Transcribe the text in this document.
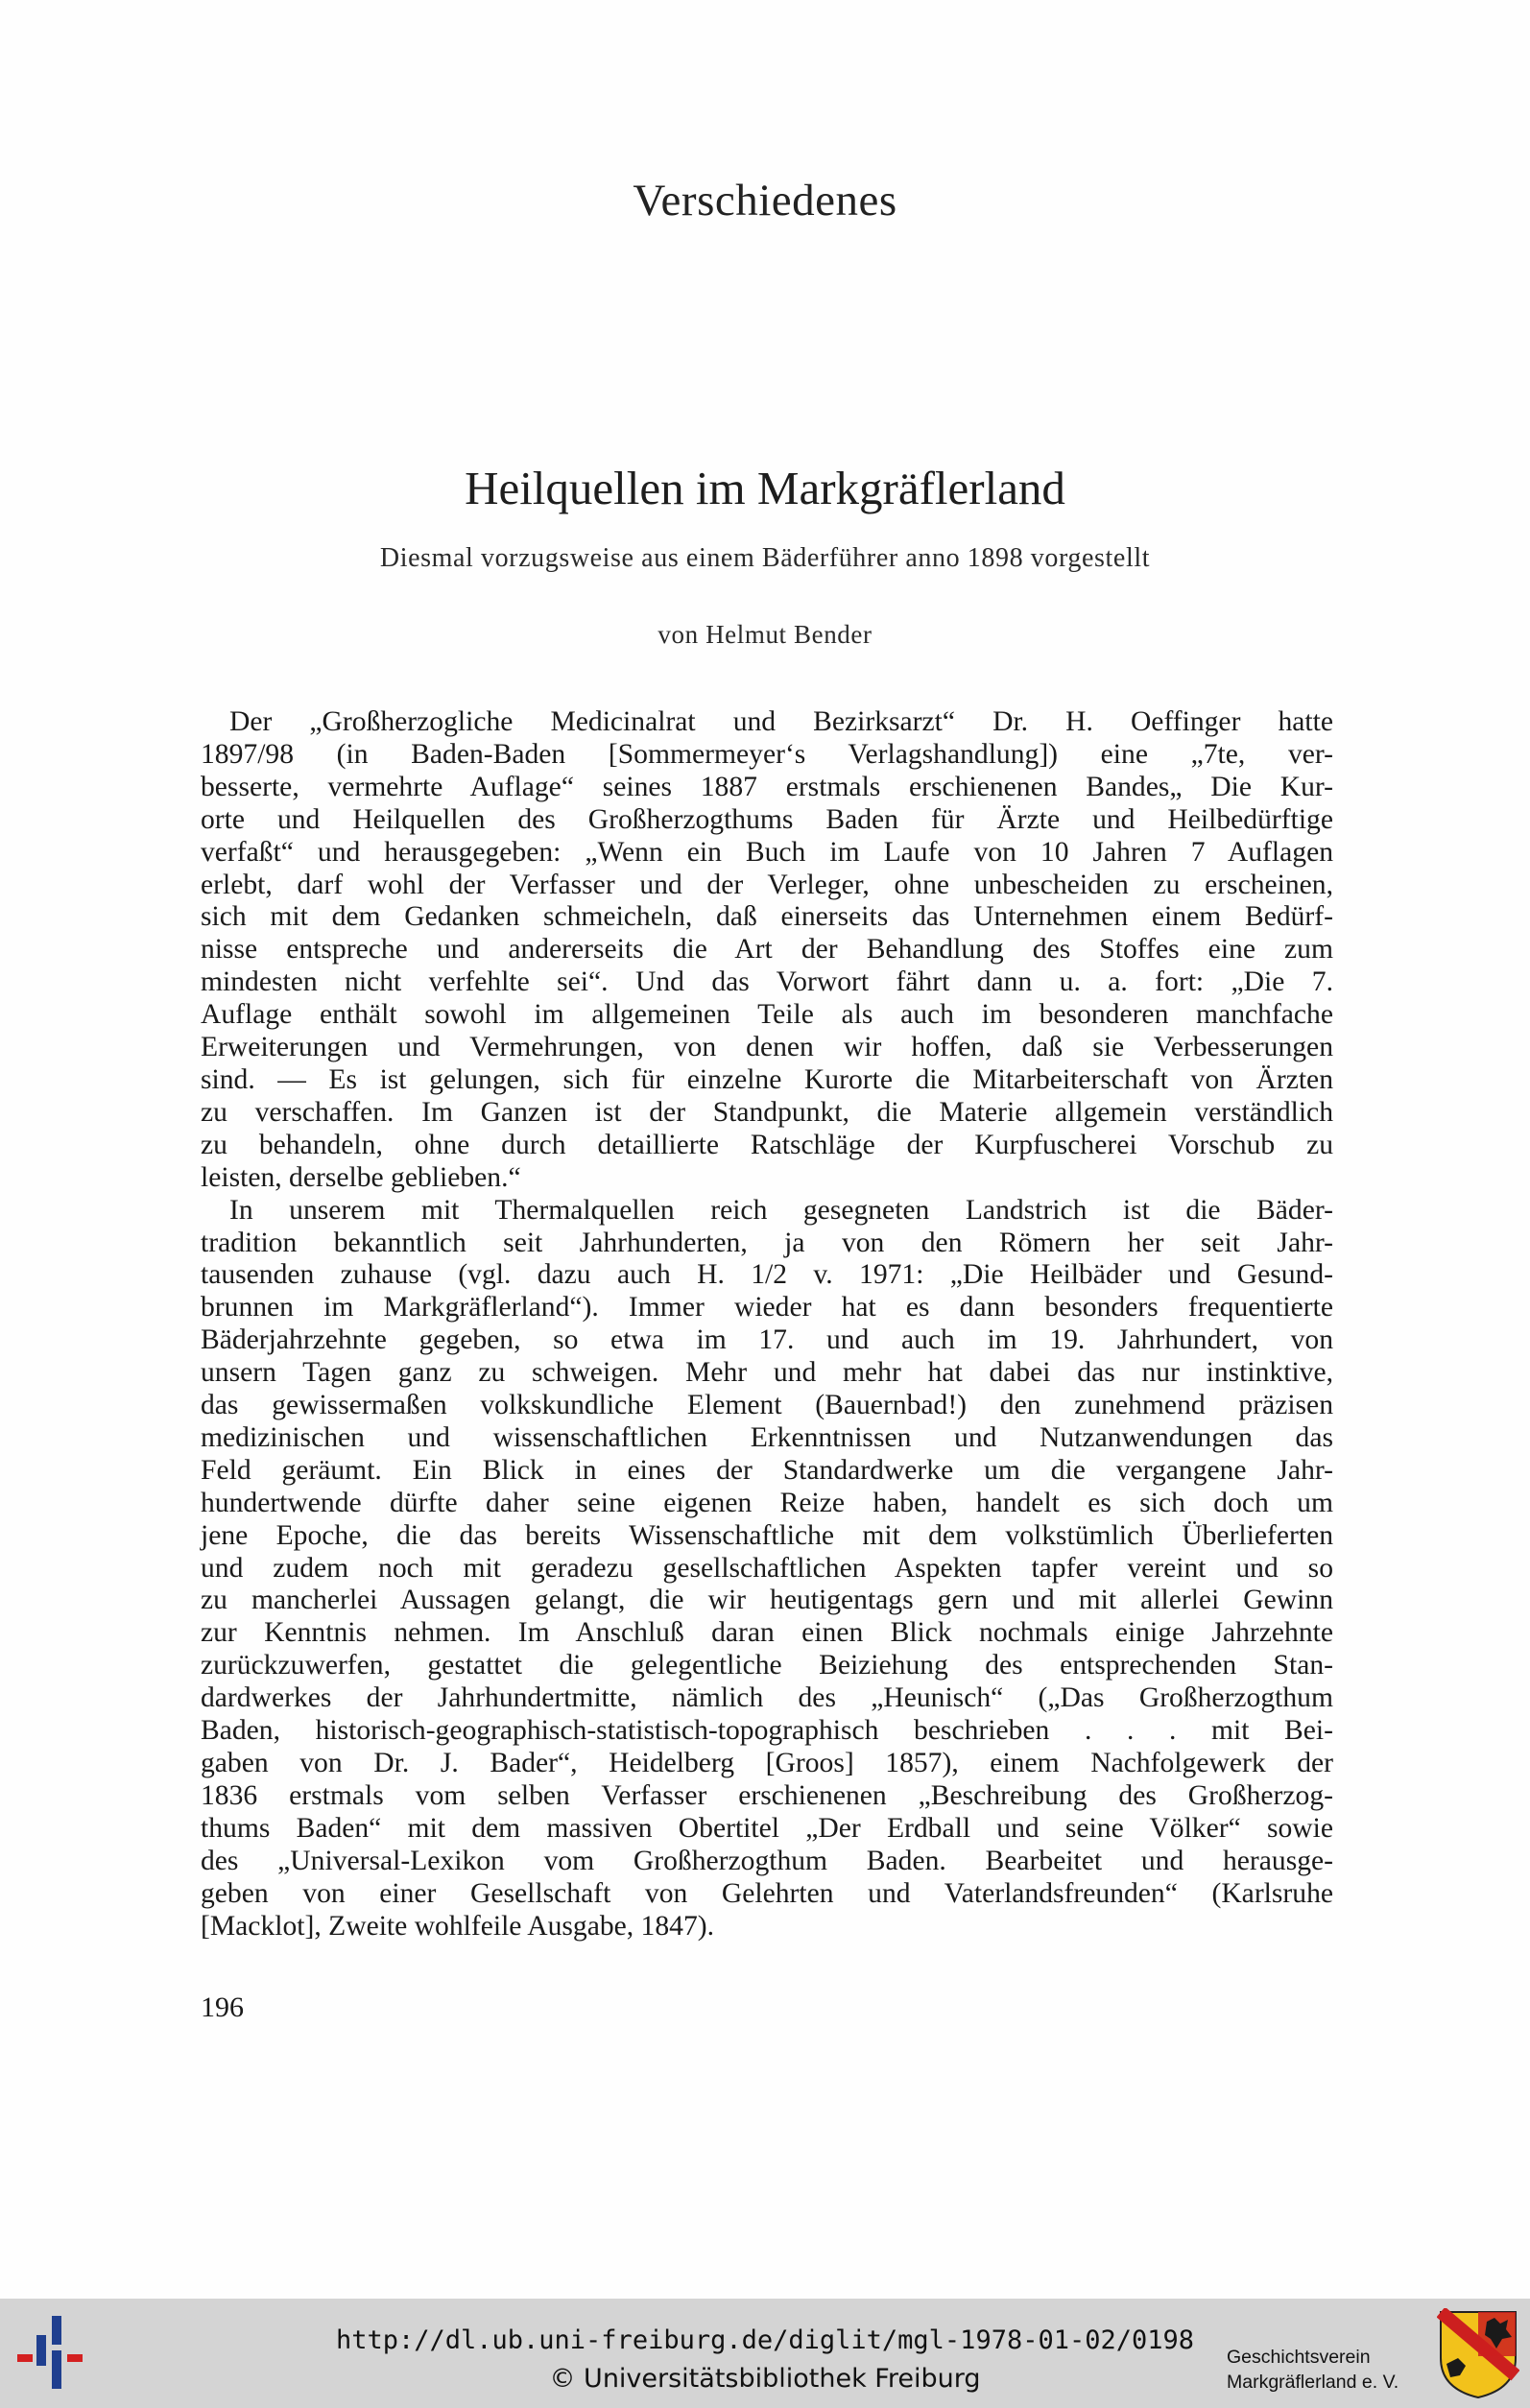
Verschiedenes
Heilquellen im Markgräflerland
Diesmal vorzugsweise aus einem Bäderführer anno 1898 vorgestellt
von Helmut Bender

Der „Großherzogliche Medicinalrat und Bezirksarzt“ Dr. H. Oeffinger hatte
1897/98 (in Baden-Baden [Sommermeyer‘s Verlagshandlung]) eine „7te, ver-
besserte, vermehrte Auflage“ seines 1887 erstmals erschienenen Bandes„ Die Kur-
orte und Heilquellen des Großherzogthums Baden für Ärzte und Heilbedürftige
verfaßt“ und herausgegeben: „Wenn ein Buch im Laufe von 10 Jahren 7 Auflagen
erlebt, darf wohl der Verfasser und der Verleger, ohne unbescheiden zu erscheinen,
sich mit dem Gedanken schmeicheln, daß einerseits das Unternehmen einem Bedürf-
nisse entspreche und andererseits die Art der Behandlung des Stoffes eine zum
mindesten nicht verfehlte sei“. Und das Vorwort fährt dann u. a. fort: „Die 7.
Auflage enthält sowohl im allgemeinen Teile als auch im besonderen manchfache
Erweiterungen und Vermehrungen, von denen wir hoffen, daß sie Verbesserungen
sind. — Es ist gelungen, sich für einzelne Kurorte die Mitarbeiterschaft von Ärzten
zu verschaffen. Im Ganzen ist der Standpunkt, die Materie allgemein verständlich
zu behandeln, ohne durch detaillierte Ratschläge der Kurpfuscherei Vorschub zu
leisten, derselbe geblieben.“

In unserem mit Thermalquellen reich gesegneten Landstrich ist die Bäder-
tradition bekanntlich seit Jahrhunderten, ja von den Römern her seit Jahr-
tausenden zuhause (vgl. dazu auch H. 1/2 v. 1971: „Die Heilbäder und Gesund-
brunnen im Markgräflerland“). Immer wieder hat es dann besonders frequentierte
Bäderjahrzehnte gegeben, so etwa im 17. und auch im 19. Jahrhundert, von
unsern Tagen ganz zu schweigen. Mehr und mehr hat dabei das nur instinktive,
das gewissermaßen volkskundliche Element (Bauernbad!) den zunehmend präzisen
medizinischen und wissenschaftlichen Erkenntnissen und Nutzanwendungen das
Feld geräumt. Ein Blick in eines der Standardwerke um die vergangene Jahr-
hundertwende dürfte daher seine eigenen Reize haben, handelt es sich doch um
jene Epoche, die das bereits Wissenschaftliche mit dem volkstümlich Überlieferten
und zudem noch mit geradezu gesellschaftlichen Aspekten tapfer vereint und so
zu mancherlei Aussagen gelangt, die wir heutigentags gern und mit allerlei Gewinn
zur Kenntnis nehmen. Im Anschluß daran einen Blick nochmals einige Jahrzehnte
zurückzuwerfen, gestattet die gelegentliche Beiziehung des entsprechenden Stan-
dardwerkes der Jahrhundertmitte, nämlich des „Heunisch“ („Das Großherzogthum
Baden, historisch-geographisch-statistisch-topographisch beschrieben . . . mit Bei-
gaben von Dr. J. Bader“, Heidelberg [Groos] 1857), einem Nachfolgewerk der
1836 erstmals vom selben Verfasser erschienenen „Beschreibung des Großherzog-
thums Baden“ mit dem massiven Obertitel „Der Erdball und seine Völker“ sowie
des „Universal-Lexikon vom Großherzogthum Baden. Bearbeitet und herausge-
geben von einer Gesellschaft von Gelehrten und Vaterlandsfreunden“ (Karlsruhe
[Macklot], Zweite wohlfeile Ausgabe, 1847).

196
http://dl.ub.uni-freiburg.de/diglit/mgl-1978-01-02/0198
© Universitätsbibliothek Freiburg
Geschichtsverein
Markgräflerland e. V.
